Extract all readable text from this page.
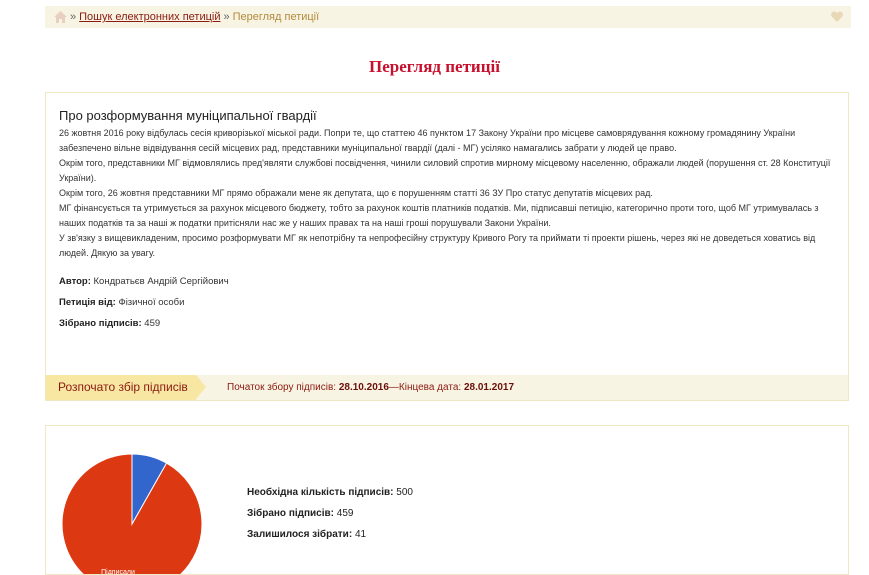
» Пошук електронних петицій » Перегляд петиції
Перегляд петиції
Про розформування муніципальної гвардії

26 жовтня 2016 року відбулась сесія криворізької міської ради. Попри те, що статтею 46 пунктом 17 Закону України про місцеве самоврядування кожному громадянину України забезпечено вільне відвідування сесій місцевих рад, представники муніципальної гвардії (далі - МГ) усіляко намагались забрати у людей це право.

Окрім того, представники МГ відмовлялись пред'являти службові посвідчення, чинили силовий спротив мирному місцевому населенню, ображали людей (порушення ст. 28 Конституції України).

Окрім того, 26 жовтня представники МГ прямо ображали мене як депутата, що є порушенням статті 36 ЗУ Про статус депутатів місцевих рад.

МГ фінансується та утримується за рахунок місцевого бюджету, тобто за рахунок коштів платників податків. Ми, підписавші петицію, категорично проти того, щоб МГ утримувалась з наших податків та за наші ж податки притісняли нас же у наших правах та на наші гроші порушували Закони України.

У зв'язку з вищевикладеним, просимо розформувати МГ як непотрібну та непрофесійну структуру Кривого Рогу та приймати ті проекти рішень, через які не доведеться ховатись від людей. Дякую за увагу.

Автор: Кондратьєв Андрій Сергійович
Петиція від: Фізичної особи
Зібрано підписів: 459
Розпочато збір підписів	Початок збору підписів: 28.10.2016—Кінцева дата: 28.01.2017
Підписали
Необхідна кількість підписів: 500
Зібрано підписів: 459
Залишилося зібрати: 41
